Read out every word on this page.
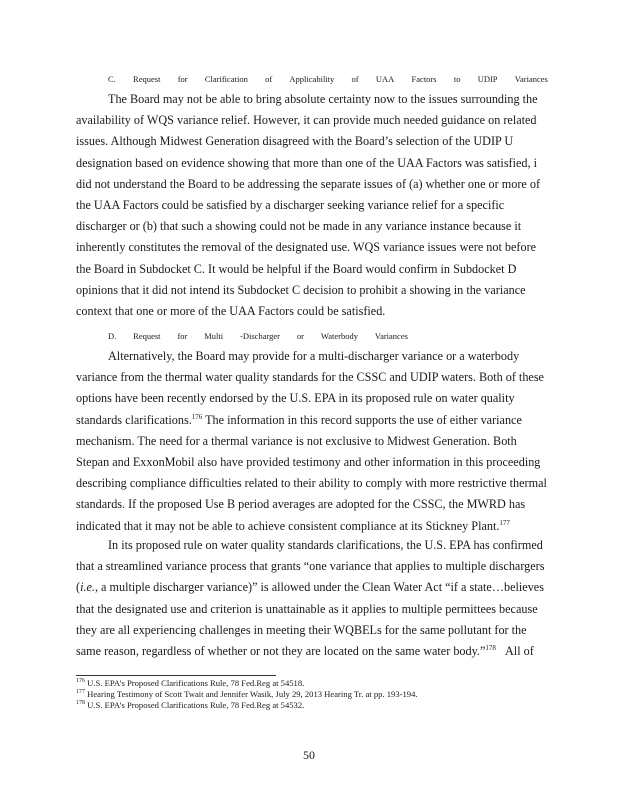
C. Request for Clarification of Applicability of UAA Factors to UDIP Variances
The Board may not be able to bring absolute certainty now to the issues surrounding the
availability of WQS variance relief. However, it can provide much needed guidance on related
issues. Although Midwest Generation disagreed with the Board’s selection of the UDIP U
designation based on evidence showing that more than one of the UAA Factors was satisfied, i
did not understand the Board to be addressing the separate issues of (a) whether one or more of
the UAA Factors could be satisfied by a discharger seeking variance relief for a specific
discharger or (b) that such a showing could not be made in any variance instance because it
inherently constitutes the removal of the designated use. WQS variance issues were not before
the Board in Subdocket C. It would be helpful if the Board would confirm in Subdocket D
opinions that it did not intend its Subdocket C decision to prohibit a showing in the variance
context that one or more of the UAA Factors could be satisfied.
D. Request for Multi -Discharger or Waterbody Variances
Alternatively, the Board may provide for a multi-discharger variance or a waterbody
variance from the thermal water quality standards for the CSSC and UDIP waters. Both of these
options have been recently endorsed by the U.S. EPA in its proposed rule on water quality
standards clarifications.$^{176}$ The information in this record supports the use of either variance
mechanism. The need for a thermal variance is not exclusive to Midwest Generation. Both
Stepan and ExxonMobil also have provided testimony and other information in this proceeding
describing compliance difficulties related to their ability to comply with more restrictive thermal
standards. If the proposed Use B period averages are adopted for the CSSC, the MWRD has
indicated that it may not be able to achieve consistent compliance at its Stickney Plant.$^{177}$
In its proposed rule on water quality standards clarifications, the U.S. EPA has confirmed
that a streamlined variance process that grants “one variance that applies to multiple dischargers
(i.e., a multiple discharger variance)” is allowed under the Clean Water Act “if a state…believes
that the designated use and criterion is unattainable as it applies to multiple permittees because
they are all experiencing challenges in meeting their WQBELs for the same pollutant for the
same reason, regardless of whether or not they are located on the same water body.”$^{178}$ All of
$^{176}$ U.S. EPA’s Proposed Clarifications Rule, 78 Fed.Reg at 54518.
$^{177}$ Hearing Testimony of Scott Twait and Jennifer Wasik, July 29, 2013 Hearing Tr. at pp. 193-194.
$^{178}$ U.S. EPA’s Proposed Clarifications Rule, 78 Fed.Reg at 54532.
50
